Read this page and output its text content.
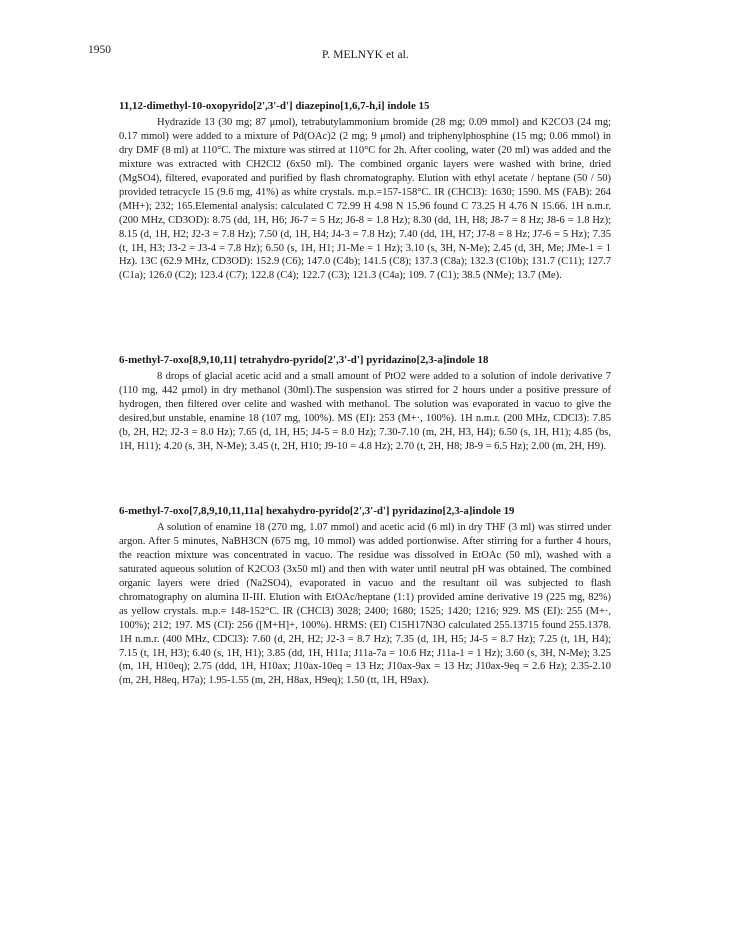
1950	P. MELNYK et al.

11,12-dimethyl-10-oxopyrido[2',3'-d'] diazepino[1,6,7-h,i] indole 15

Hydrazide 13 (30 mg; 87 μmol), tetrabutylammonium bromide (28 mg; 0.09 mmol) and K2CO3 (24 mg; 0.17 mmol) were added to a mixture of Pd(OAc)2 (2 mg; 9 μmol) and triphenylphosphine (15 mg; 0.06 mmol) in dry DMF (8 ml) at 110°C. The mixture was stirred at 110°C for 2h. After cooling, water (20 ml) was added and the mixture was extracted with CH2Cl2 (6x50 ml). The combined organic layers were washed with brine, dried (MgSO4), filtered, evaporated and purified by flash chromatography. Elution with ethyl acetate / heptane (50 / 50) provided tetracycle 15 (9.6 mg, 41%) as white crystals. m.p.=157-158°C. IR (CHCl3): 1630; 1590. MS (FAB): 264 (MH+); 232; 165.Elemental analysis: calculated C 72.99 H 4.98 N 15.96 found C 73.25 H 4.76 N 15.66. 1H n.m.r. (200 MHz, CD3OD): 8.75 (dd, 1H, H6; J6-7 = 5 Hz; J6-8 = 1.8 Hz); 8.30 (dd, 1H, H8; J8-7 = 8 Hz; J8-6 = 1.8 Hz); 8.15 (d, 1H, H2; J2-3 = 7.8 Hz); 7.50 (d, 1H, H4; J4-3 = 7.8 Hz); 7.40 (dd, 1H, H7; J7-8 = 8 Hz; J7-6 = 5 Hz); 7.35 (t, 1H, H3; J3-2 = J3-4 = 7.8 Hz); 6.50 (s, 1H, H1; J1-Me = 1 Hz); 3.10 (s, 3H, N-Me); 2.45 (d, 3H, Me; JMe-1 = 1 Hz). 13C (62.9 MHz, CD3OD): 152.9 (C6); 147.0 (C4b); 141.5 (C8); 137.3 (C8a); 132.3 (C10b); 131.7 (C11); 127.7 (C1a); 126.0 (C2); 123.4 (C7); 122.8 (C4); 122.7 (C3); 121.3 (C4a); 109. 7 (C1); 38.5 (NMe); 13.7 (Me).

6-methyl-7-oxo[8,9,10,11] tetrahydro-pyrido[2',3'-d'] pyridazino[2,3-a]indole 18

8 drops of glacial acetic acid and a small amount of PtO2 were added to a solution of indole derivative 7 (110 mg, 442 μmol) in dry methanol (30ml).The suspension was stirred for 2 hours under a positive pressure of hydrogen, then filtered over celite and washed with methanol. The solution was evaporated in vacuo to give the desired,but unstable, enamine 18 (107 mg, 100%). MS (EI): 253 (M+·, 100%). 1H n.m.r. (200 MHz, CDCl3): 7.85 (b, 2H, H2; J2-3 = 8.0 Hz); 7.65 (d, 1H, H5; J4-5 = 8.0 Hz); 7.30-7.10 (m, 2H, H3, H4); 6.50 (s, 1H, H1); 4.85 (bs, 1H, H11); 4.20 (s, 3H, N-Me); 3.45 (t, 2H, H10; J9-10 = 4.8 Hz); 2.70 (t, 2H, H8; J8-9 = 6.5 Hz); 2.00 (m, 2H, H9).

6-methyl-7-oxo[7,8,9,10,11,11a] hexahydro-pyrido[2',3'-d'] pyridazino[2,3-a]indole 19

A solution of enamine 18 (270 mg, 1.07 mmol) and acetic acid (6 ml) in dry THF (3 ml) was stirred under argon. After 5 minutes, NaBH3CN (675 mg, 10 mmol) was added portionwise. After stirring for a further 4 hours, the reaction mixture was concentrated in vacuo. The residue was dissolved in EtOAc (50 ml), washed with a saturated aqueous solution of K2CO3 (3x50 ml) and then with water until neutral pH was obtained. The combined organic layers were dried (Na2SO4), evaporated in vacuo and the resultant oil was subjected to flash chromatography on alumina II-III. Elution with EtOAc/heptane (1:1) provided amine derivative 19 (225 mg, 82%) as yellow crystals. m.p.= 148-152°C. IR (CHCl3) 3028; 2400; 1680; 1525; 1420; 1216; 929. MS (EI): 255 (M+·, 100%); 212; 197. MS (CI): 256 ([M+H]+, 100%). HRMS: (EI) C15H17N3O calculated 255.13715 found 255.1378. 1H n.m.r. (400 MHz, CDCl3): 7.60 (d, 2H, H2; J2-3 = 8.7 Hz); 7.35 (d, 1H, H5; J4-5 = 8.7 Hz); 7.25 (t, 1H, H4); 7.15 (t, 1H, H3); 6.40 (s, 1H, H1); 3.85 (dd, 1H, H11a; J11a-7a = 10.6 Hz; J11a-1 = 1 Hz); 3.60 (s, 3H, N-Me); 3.25 (m, 1H, H10eq); 2.75 (ddd, 1H, H10ax; J10ax-10eq = 13 Hz; J10ax-9ax = 13 Hz; J10ax-9eq = 2.6 Hz); 2.35-2.10 (m, 2H, H8eq, H7a); 1.95-1.55 (m, 2H, H8ax, H9eq); 1.50 (tt, 1H, H9ax).
